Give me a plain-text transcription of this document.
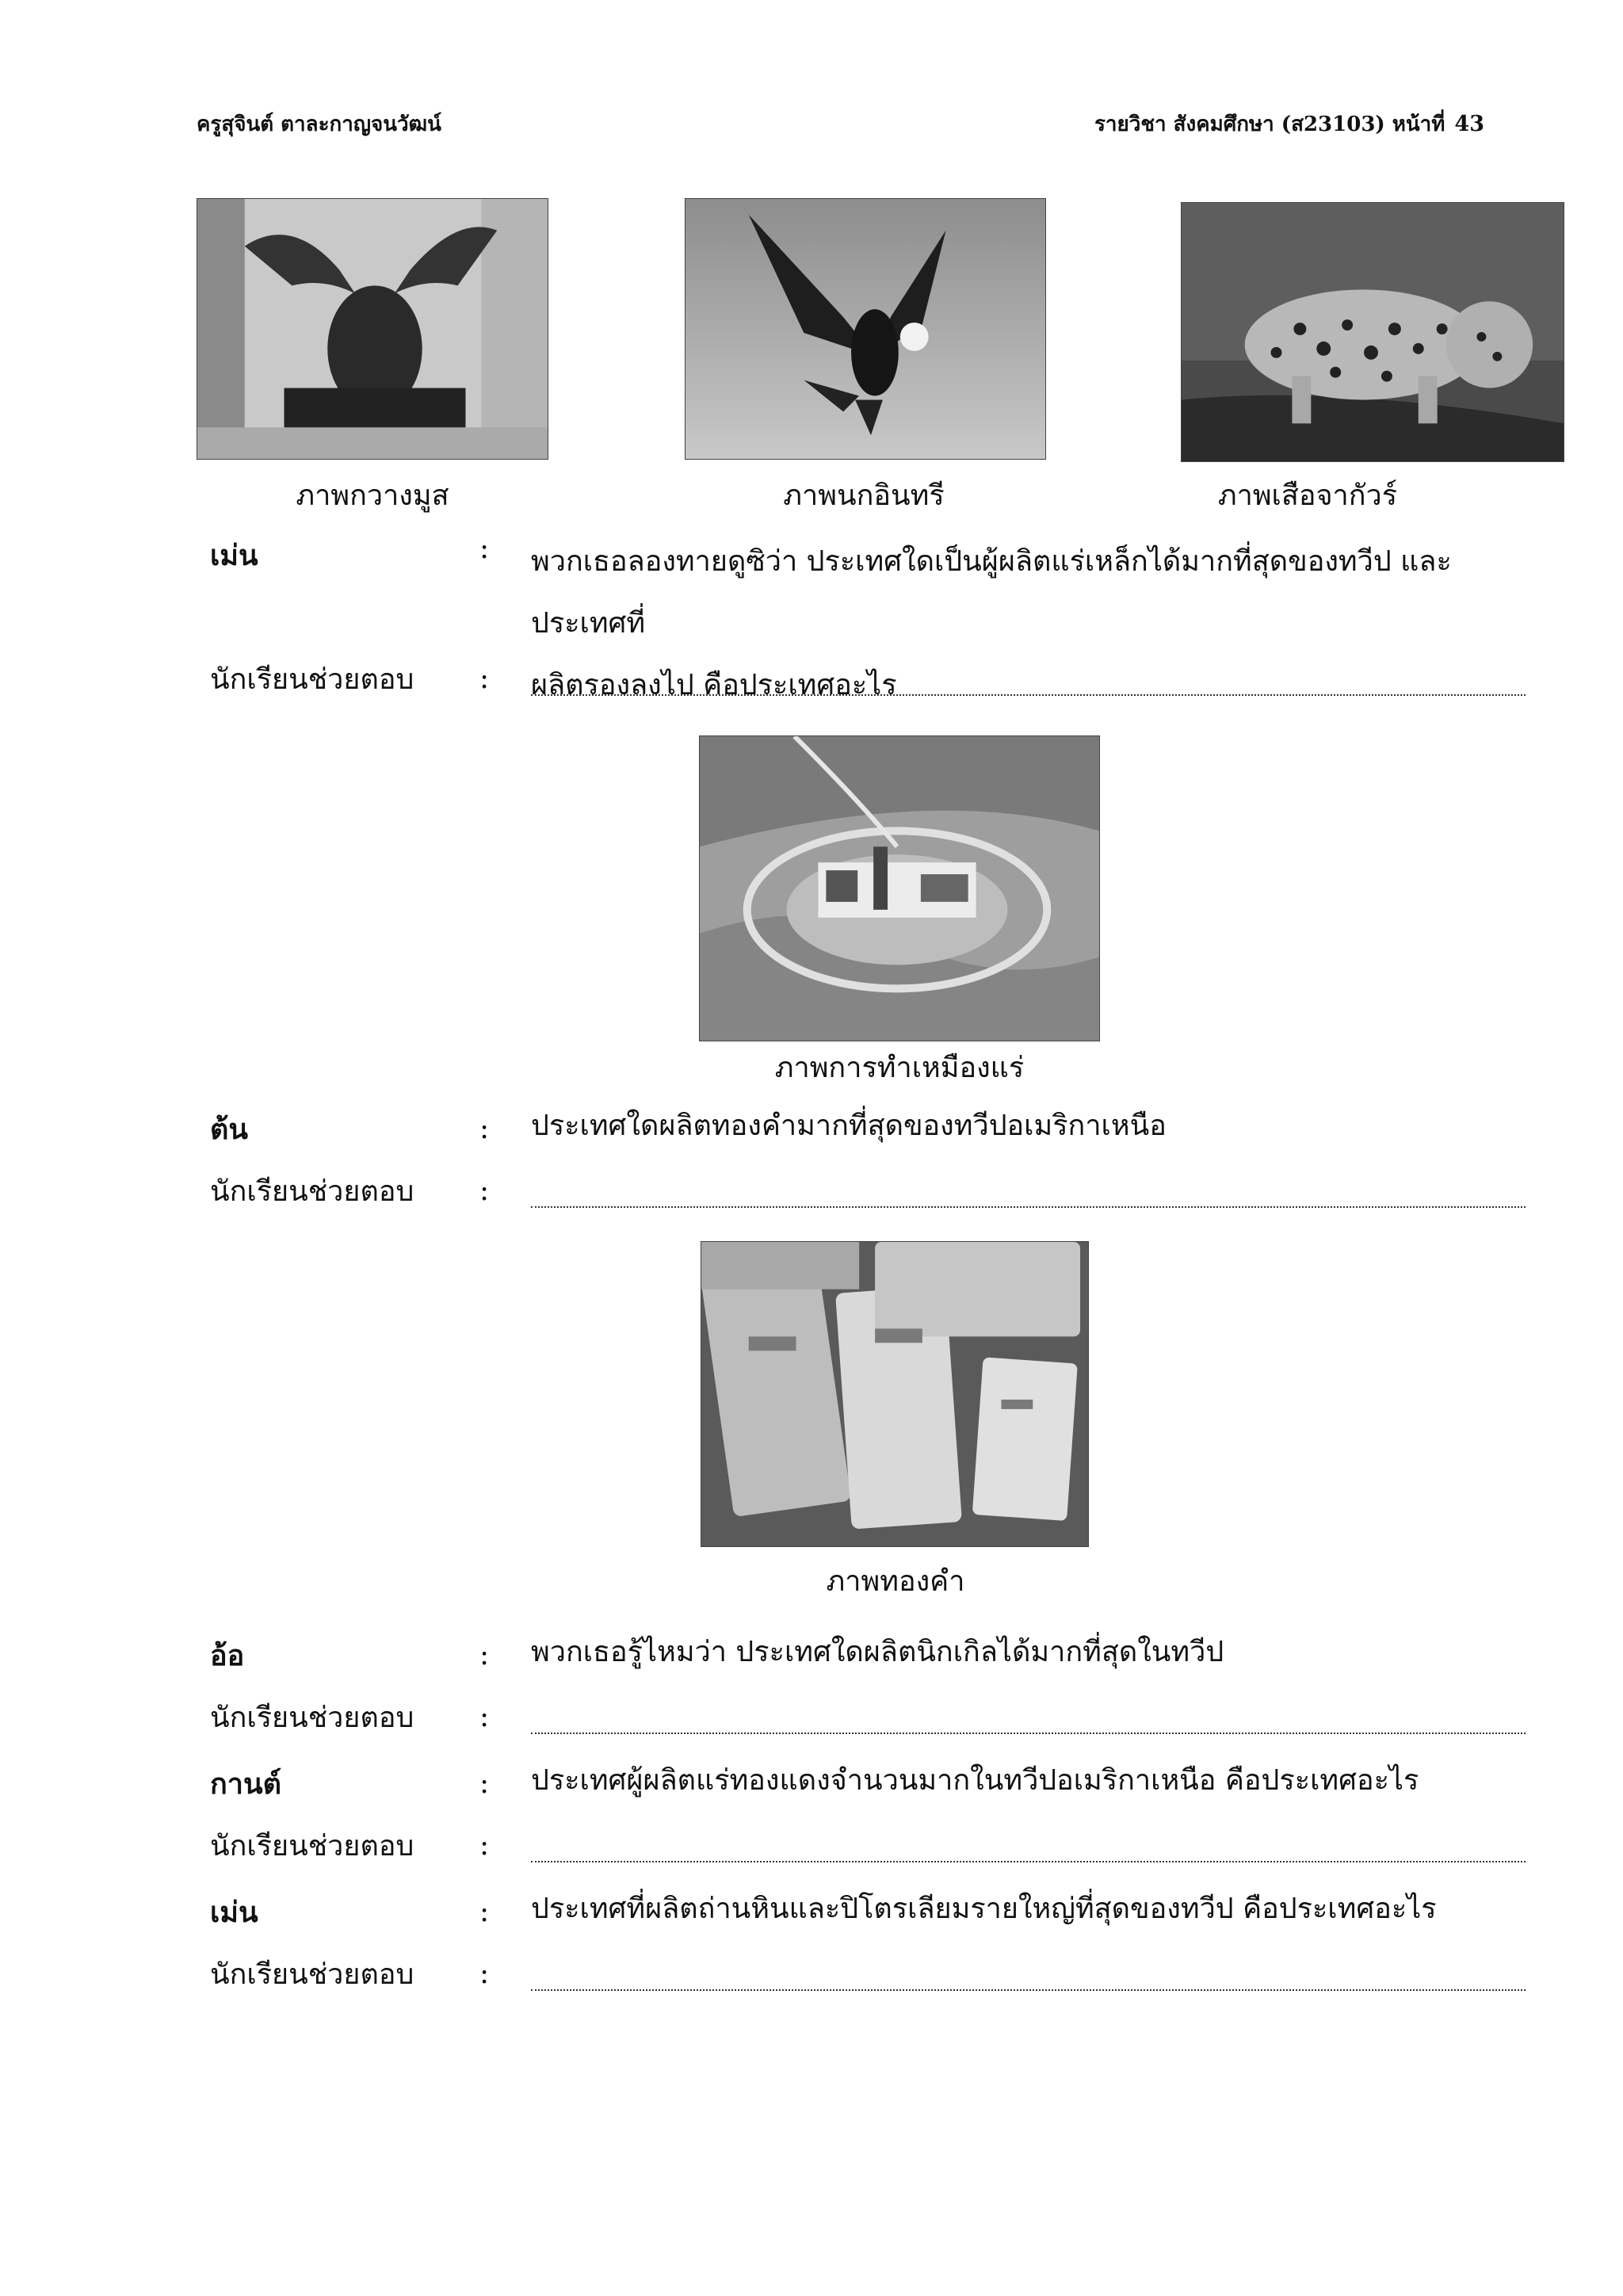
ครูสุจินต์ ตาละกาญจนวัฒน์	รายวิชา สังคมศึกษา (ส23103) หน้าที่ 43
ภาพกวางมูส	ภาพนกอินทรี	ภาพเสือจากัวร์
เม่น	: พวกเธอลองทายดูซิว่า ประเทศใดเป็นผู้ผลิตแร่เหล็กได้มากที่สุดของทวีป และประเทศที่
ผลิตรองลงไป คือประเทศอะไร
นักเรียนช่วยตอบ :
ภาพการทำเหมืองแร่
ต้น	: ประเทศใดผลิตทองคำมากที่สุดของทวีปอเมริกาเหนือ
นักเรียนช่วยตอบ :
ภาพทองคำ
อ้อ	: พวกเธอรู้ไหมว่า ประเทศใดผลิตนิกเกิลได้มากที่สุดในทวีป
นักเรียนช่วยตอบ :
กานต์	: ประเทศผู้ผลิตแร่ทองแดงจำนวนมากในทวีปอเมริกาเหนือ คือประเทศอะไร
นักเรียนช่วยตอบ :
เม่น	: ประเทศที่ผลิตถ่านหินและปิโตรเลียมรายใหญ่ที่สุดของทวีป คือประเทศอะไร
นักเรียนช่วยตอบ :
